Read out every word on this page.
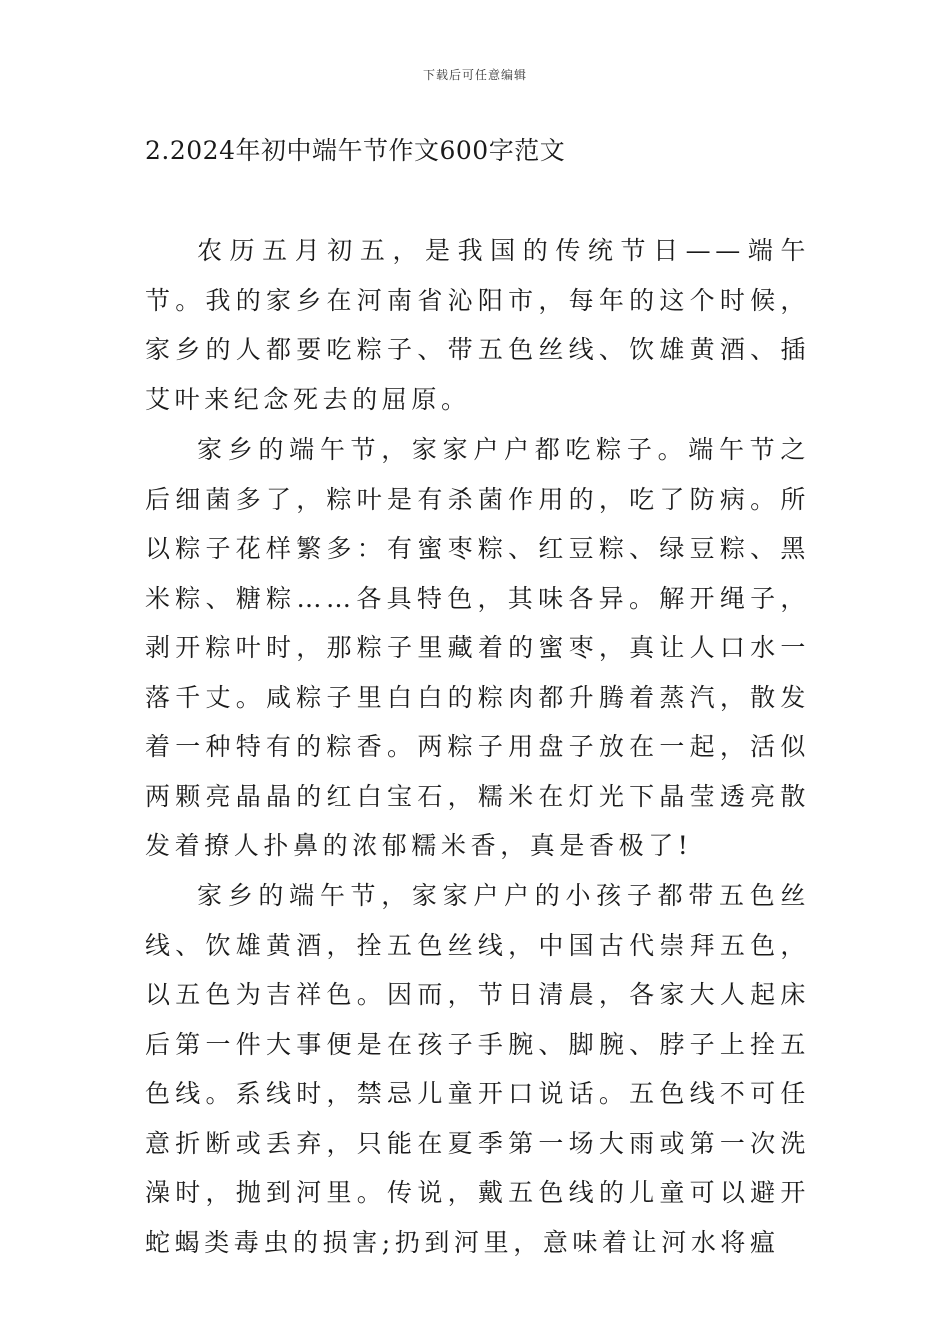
下载后可任意编辑
2.2024年初中端午节作文600字范文

农历五月初五，是我国的传统节日——端午节。我的家乡在河南省沁阳市，每年的这个时候，家乡的人都要吃粽子、带五色丝线、饮雄黄酒、插艾叶来纪念死去的屈原。

家乡的端午节，家家户户都吃粽子。端午节之后细菌多了，粽叶是有杀菌作用的，吃了防病。所以粽子花样繁多：有蜜枣粽、红豆粽、绿豆粽、黑米粽、糖粽……各具特色，其味各异。解开绳子，剥开粽叶时，那粽子里藏着的蜜枣，真让人口水一落千丈。咸粽子里白白的粽肉都升腾着蒸汽，散发着一种特有的粽香。两粽子用盘子放在一起，活似两颗亮晶晶的红白宝石，糯米在灯光下晶莹透亮散发着撩人扑鼻的浓郁糯米香，真是香极了!

家乡的端午节，家家户户的小孩子都带五色丝线、饮雄黄酒，拴五色丝线，中国古代崇拜五色，以五色为吉祥色。因而，节日清晨，各家大人起床后第一件大事便是在孩子手腕、脚腕、脖子上拴五色线。系线时，禁忌儿童开口说话。五色线不可任意折断或丢弃，只能在夏季第一场大雨或第一次洗澡时，抛到河里。传说，戴五色线的儿童可以避开蛇蝎类毒虫的损害;扔到河里，意味着让河水将瘟
